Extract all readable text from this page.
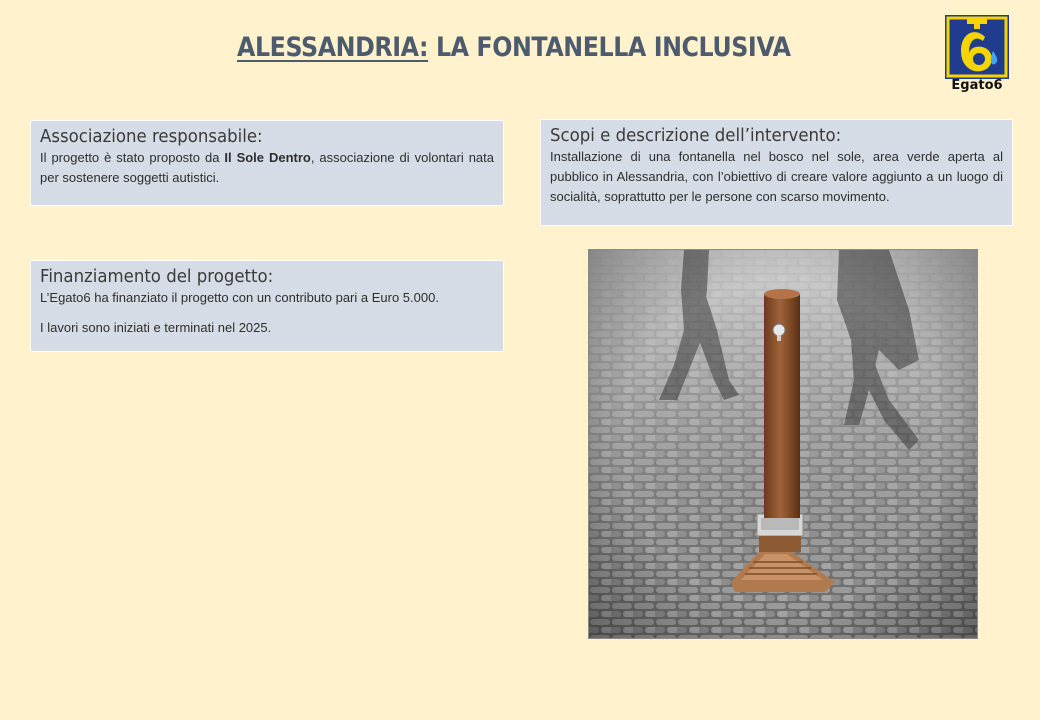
ALESSANDRIA: LA FONTANELLA INCLUSIVA
Egato6
Associazione responsabile:

Il progetto è stato proposto da Il Sole Dentro, associazione di volontari nata per sostenere soggetti autistici.

Scopi e descrizione dell’intervento:

Installazione di una fontanella nel bosco nel sole, area verde aperta al pubblico in Alessandria, con l’obiettivo di creare valore aggiunto a un luogo di socialità, soprattutto per le persone con scarso movimento.

Finanziamento del progetto:

L’Egato6 ha finanziato il progetto con un contributo pari a Euro 5.000.

I lavori sono iniziati e terminati nel 2025.
